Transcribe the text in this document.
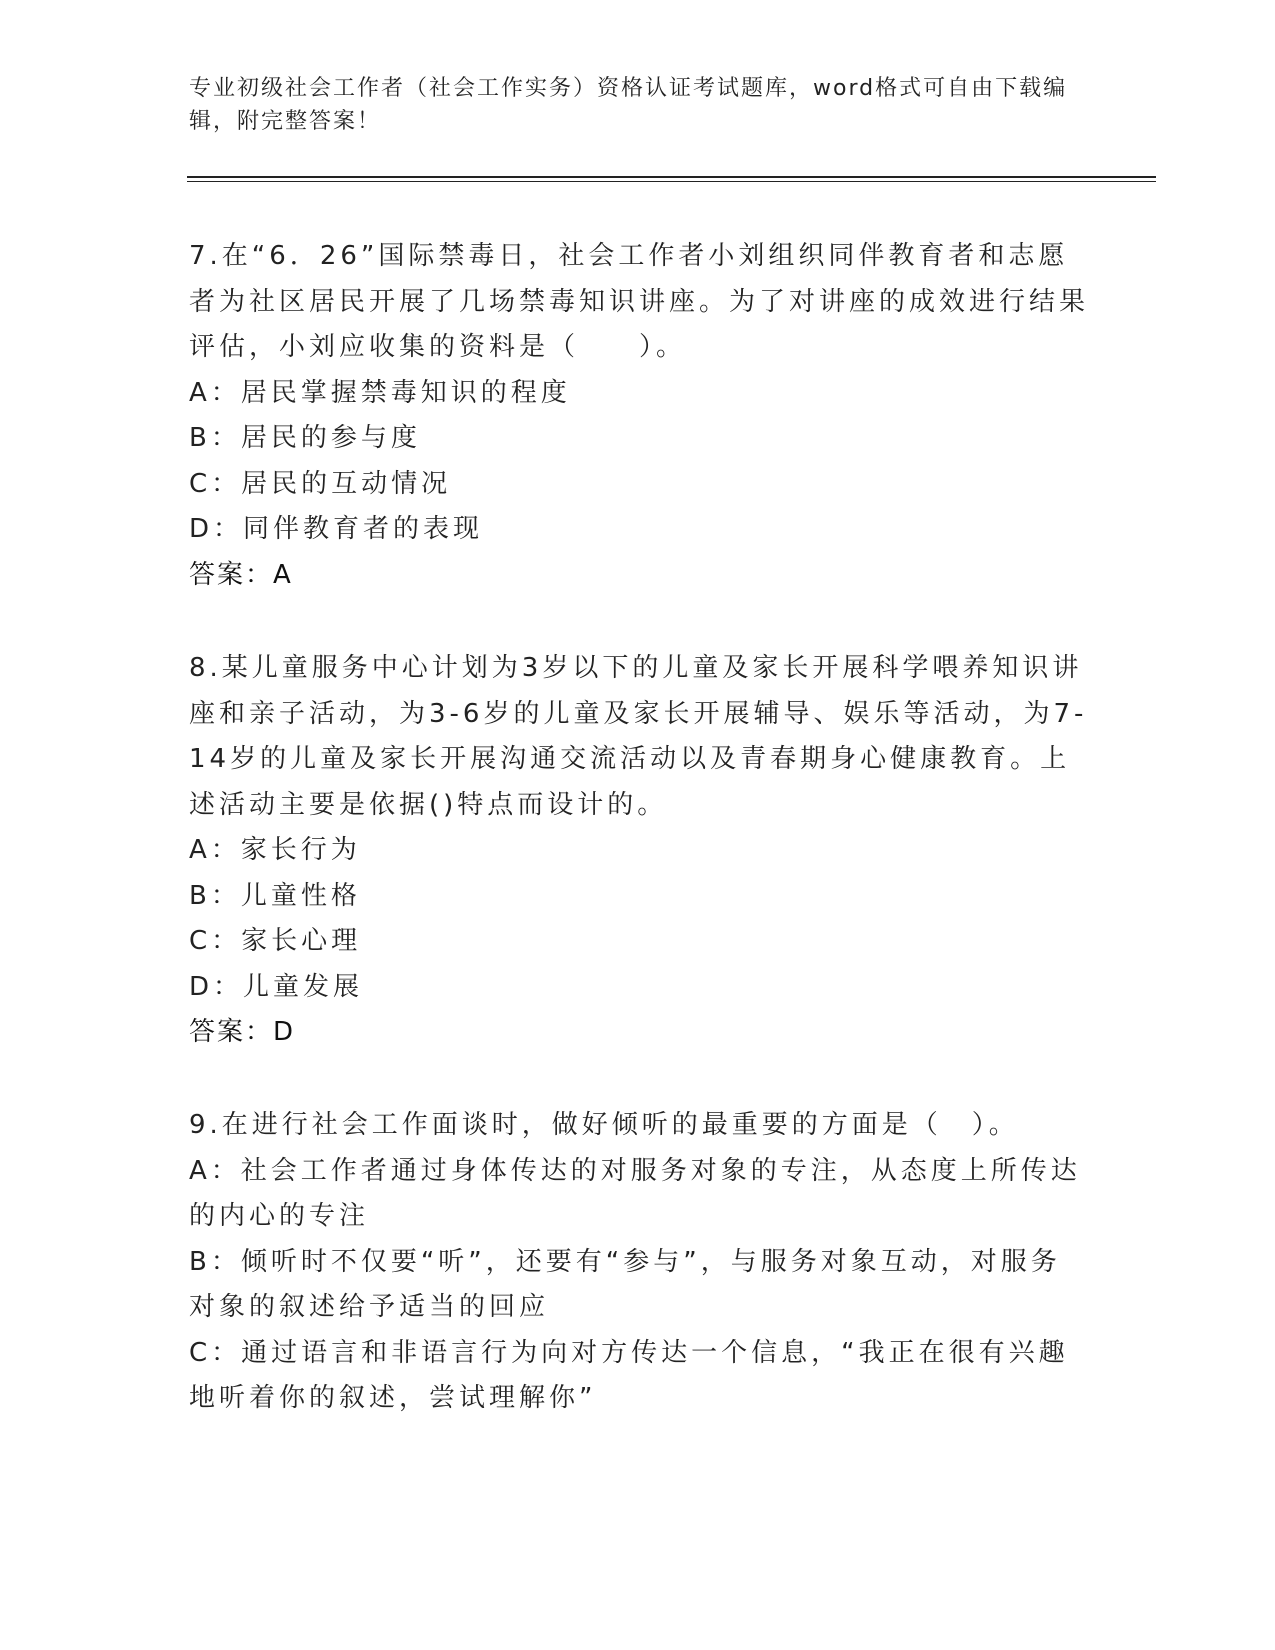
专业初级社会工作者（社会工作实务）资格认证考试题库，word格式可自由下载编辑，附完整答案！

7.在“6．26”国际禁毒日，社会工作者小刘组织同伴教育者和志愿者为社区居民开展了几场禁毒知识讲座。为了对讲座的成效进行结果评估，小刘应收集的资料是（　　）。

A：居民掌握禁毒知识的程度

B：居民的参与度

C：居民的互动情况

D：同伴教育者的表现

答案：A

8.某儿童服务中心计划为3岁以下的儿童及家长开展科学喂养知识讲座和亲子活动，为3-6岁的儿童及家长开展辅导、娱乐等活动，为7-14岁的儿童及家长开展沟通交流活动以及青春期身心健康教育。上述活动主要是依据()特点而设计的。

A：家长行为

B：儿童性格

C：家长心理

D：儿童发展

答案：D

9.在进行社会工作面谈时，做好倾听的最重要的方面是（　）。

A：社会工作者通过身体传达的对服务对象的专注，从态度上所传达的内心的专注

B：倾听时不仅要“听”，还要有“参与”，与服务对象互动，对服务对象的叙述给予适当的回应

C：通过语言和非语言行为向对方传达一个信息，“我正在很有兴趣地听着你的叙述，尝试理解你”
